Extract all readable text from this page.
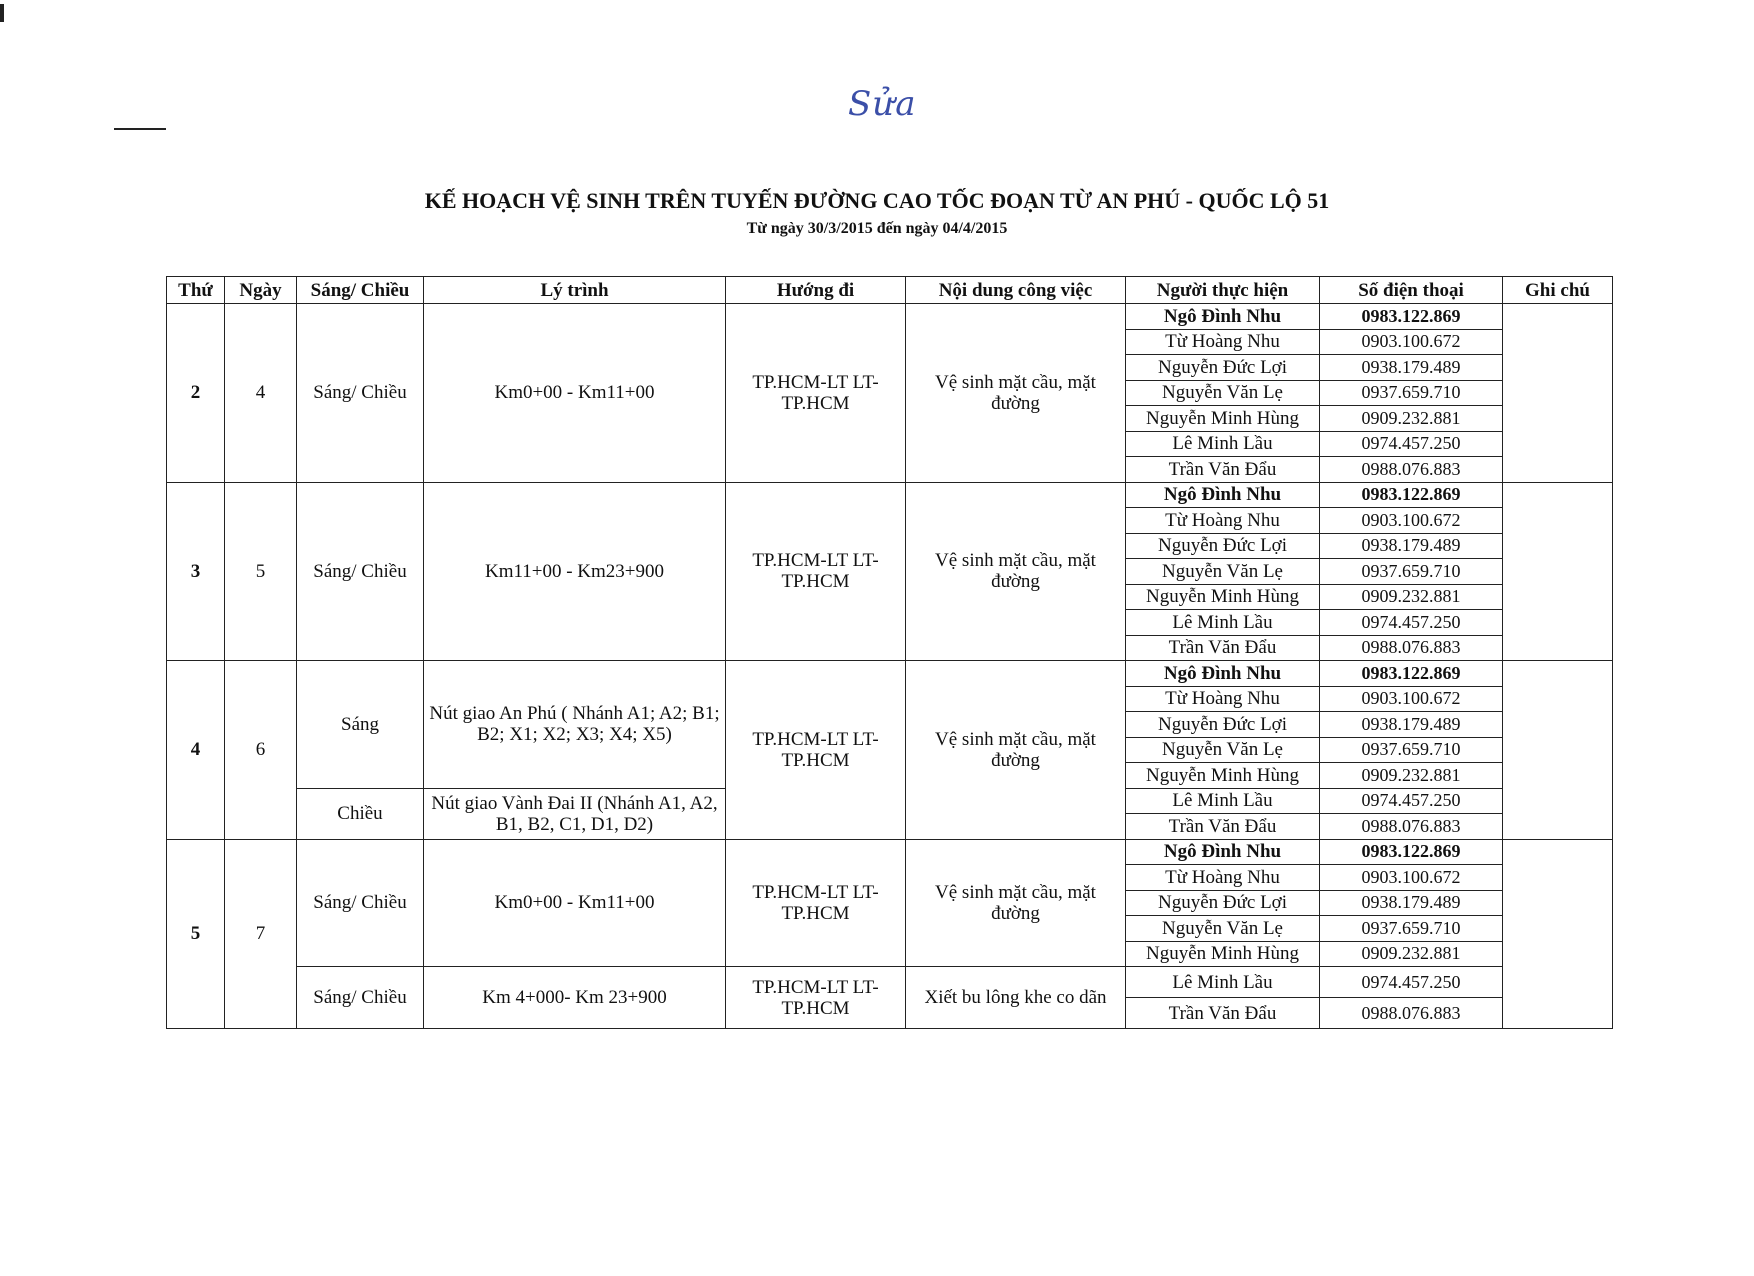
Sửa
KẾ HOẠCH VỆ SINH TRÊN TUYẾN ĐƯỜNG CAO TỐC ĐOẠN TỪ AN PHÚ - QUỐC LỘ 51
Từ ngày 30/3/2015 đến ngày 04/4/2015
Thứ	Ngày	Sáng/ Chiều	Lý trình	Hướng đi	Nội dung công việc	Người thực hiện	Số điện thoại	Ghi chú
2	4	Sáng/ Chiều	Km0+00 - Km11+00	TP.HCM-LT LT-TP.HCM	Vệ sinh mặt cầu, mặt đường	Ngô Đình Nhu	0983.122.869	
						Từ Hoàng Nhu	0903.100.672	
						Nguyễn Đức Lợi	0938.179.489	
						Nguyễn Văn Lẹ	0937.659.710	
						Nguyễn Minh Hùng	0909.232.881	
						Lê Minh Lầu	0974.457.250	
						Trần Văn Đẩu	0988.076.883	
3	5	Sáng/ Chiều	Km11+00 - Km23+900	TP.HCM-LT LT-TP.HCM	Vệ sinh mặt cầu, mặt đường	Ngô Đình Nhu	0983.122.869	
						Từ Hoàng Nhu	0903.100.672	
						Nguyễn Đức Lợi	0938.179.489	
						Nguyễn Văn Lẹ	0937.659.710	
						Nguyễn Minh Hùng	0909.232.881	
						Lê Minh Lầu	0974.457.250	
						Trần Văn Đẩu	0988.076.883	
4	6	Sáng	Nút giao An Phú ( Nhánh A1; A2; B1; B2; X1; X2; X3; X4; X5)	TP.HCM-LT LT-TP.HCM	Vệ sinh mặt cầu, mặt đường	Ngô Đình Nhu	0983.122.869	
						Từ Hoàng Nhu	0903.100.672	
						Nguyễn Đức Lợi	0938.179.489	
						Nguyễn Văn Lẹ	0937.659.710	
						Nguyễn Minh Hùng	0909.232.881	
		Chiều	Nút giao Vành Đai II (Nhánh A1, A2, B1, B2, C1, D1, D2)			Lê Minh Lầu	0974.457.250	
						Trần Văn Đẩu	0988.076.883	
5	7	Sáng/ Chiều	Km0+00 - Km11+00	TP.HCM-LT LT-TP.HCM	Vệ sinh mặt cầu, mặt đường	Ngô Đình Nhu	0983.122.869	
						Từ Hoàng Nhu	0903.100.672	
						Nguyễn Đức Lợi	0938.179.489	
						Nguyễn Văn Lẹ	0937.659.710	
						Nguyễn Minh Hùng	0909.232.881	
		Sáng/ Chiều	Km 4+000- Km 23+900	TP.HCM-LT LT-TP.HCM	Xiết bu lông khe co dãn	Lê Minh Lầu	0974.457.250	
						Trần Văn Đẩu	0988.076.883	
